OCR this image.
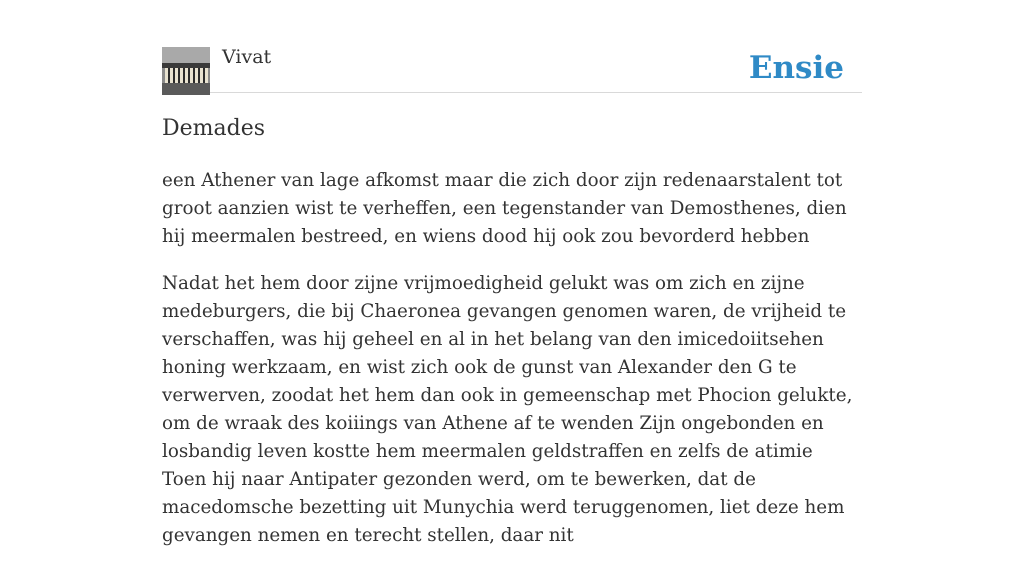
Vivat	Ensie
Demades

een Athener van lage afkomst maar die zich door zijn redenaarstalent tot groot aanzien wist te verheffen, een tegenstander van Demosthenes, dien hij meermalen bestreed, en wiens dood hij ook zou bevorderd hebben

Nadat het hem door zijne vrijmoedigheid gelukt was om zich en zijne medeburgers, die bij Chaeronea gevangen genomen waren, de vrijheid te verschaffen, was hij geheel en al in het belang van den imicedoiitsehen honing werkzaam, en wist zich ook de gunst van Alexander den G te verwerven, zoodat het hem dan ook in gemeenschap met Phocion gelukte, om de wraak des koiiings van Athene af te wenden Zijn ongebonden en losbandig leven kostte hem meermalen geldstraffen en zelfs de atimie Toen hij naar Antipater gezonden werd, om te bewerken, dat de macedomsche bezetting uit Munychia werd teruggenomen, liet deze hem gevangen nemen en terecht stellen, daar nit
